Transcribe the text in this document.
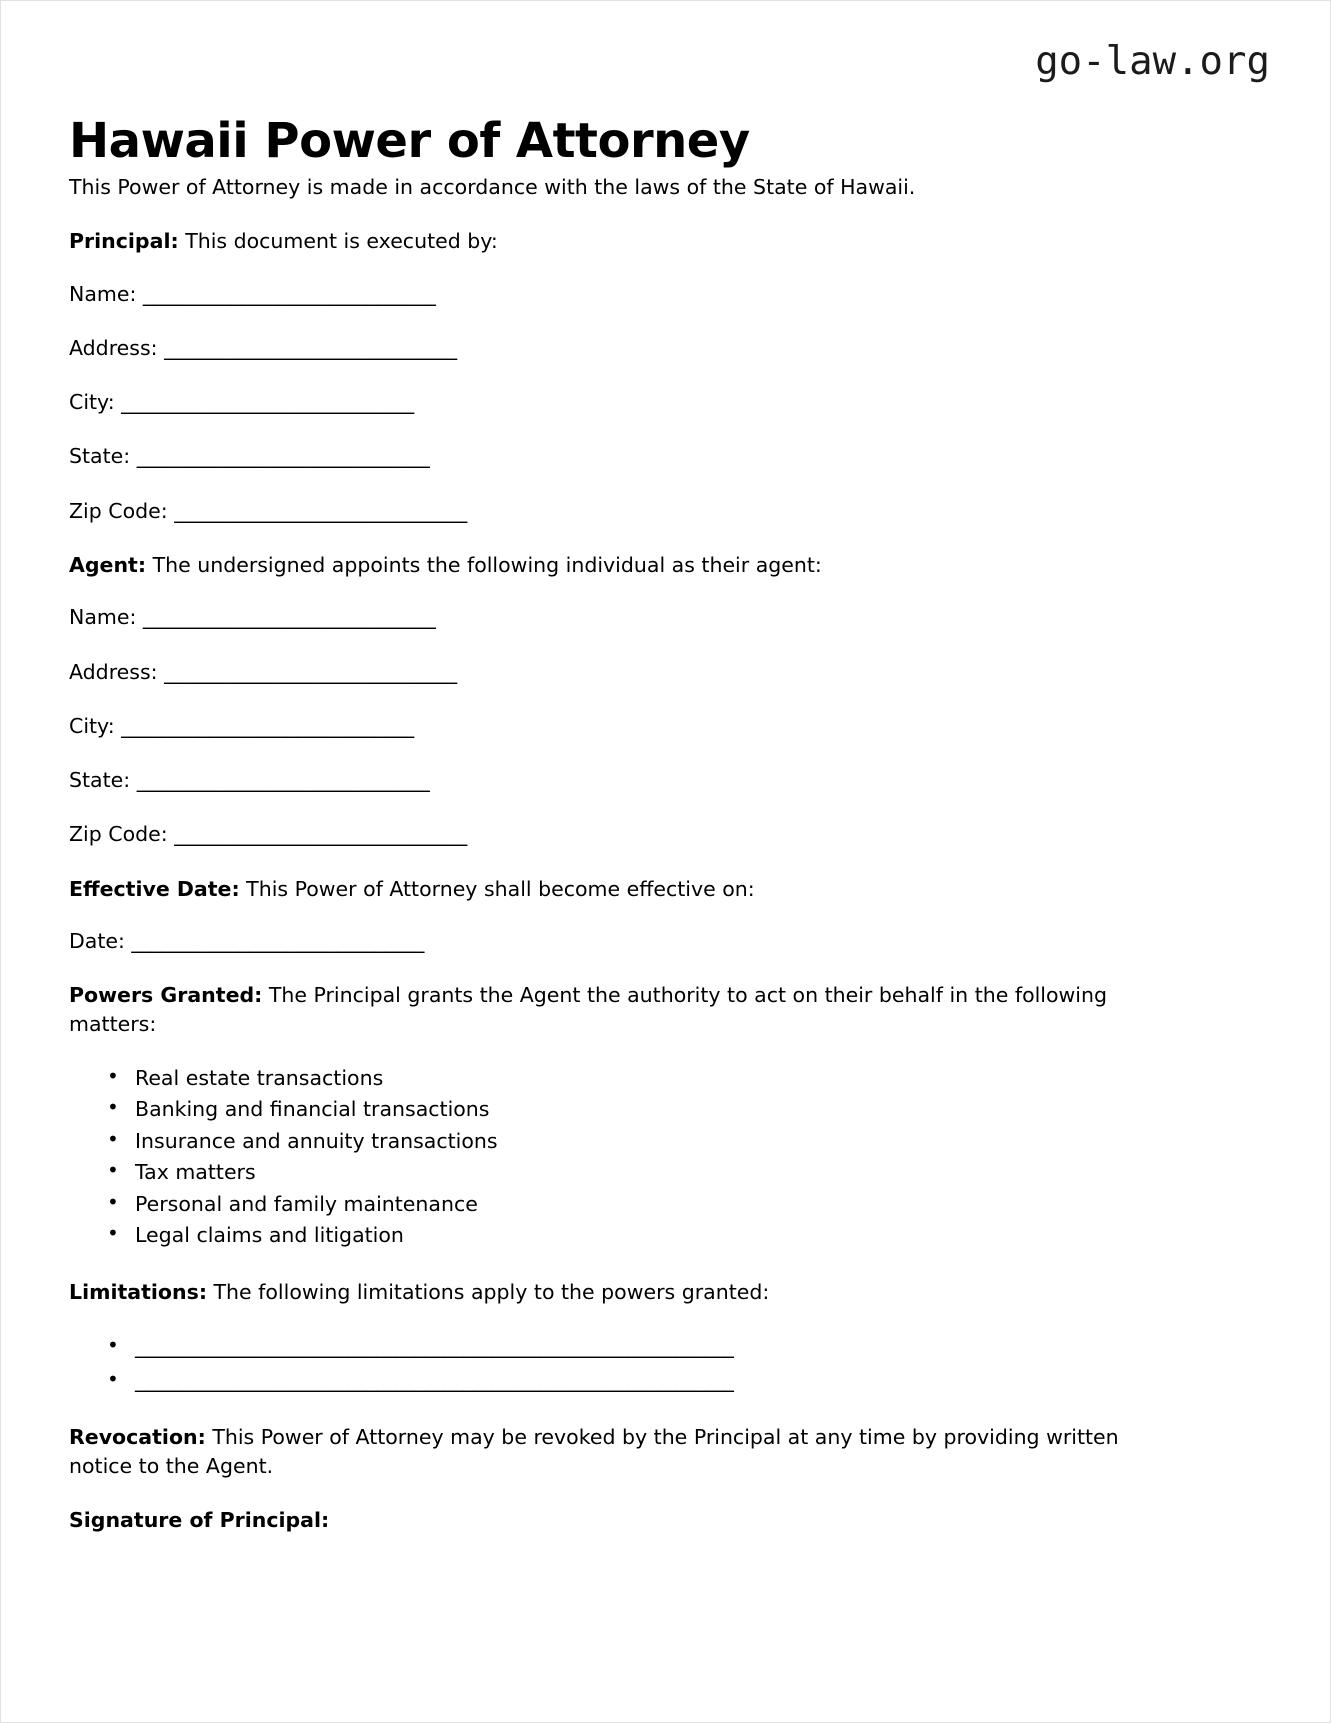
go-law.org
Hawaii Power of Attorney

This Power of Attorney is made in accordance with the laws of the State of Hawaii.

Principal: This document is executed by:

Name: ______________________________

Address: ______________________________

City: ______________________________

State: ______________________________

Zip Code: ______________________________

Agent: The undersigned appoints the following individual as their agent:

Name: ______________________________

Address: ______________________________

City: ______________________________

State: ______________________________

Zip Code: ______________________________

Effective Date: This Power of Attorney shall become effective on:

Date: ______________________________

Powers Granted: The Principal grants the Agent the authority to act on their behalf in the following matters:

• Real estate transactions
• Banking and financial transactions
• Insurance and annuity transactions
• Tax matters
• Personal and family maintenance
• Legal claims and litigation

Limitations: The following limitations apply to the powers granted:

• ______________________________________________________________
• ______________________________________________________________

Revocation: This Power of Attorney may be revoked by the Principal at any time by providing written notice to the Agent.

Signature of Principal:
